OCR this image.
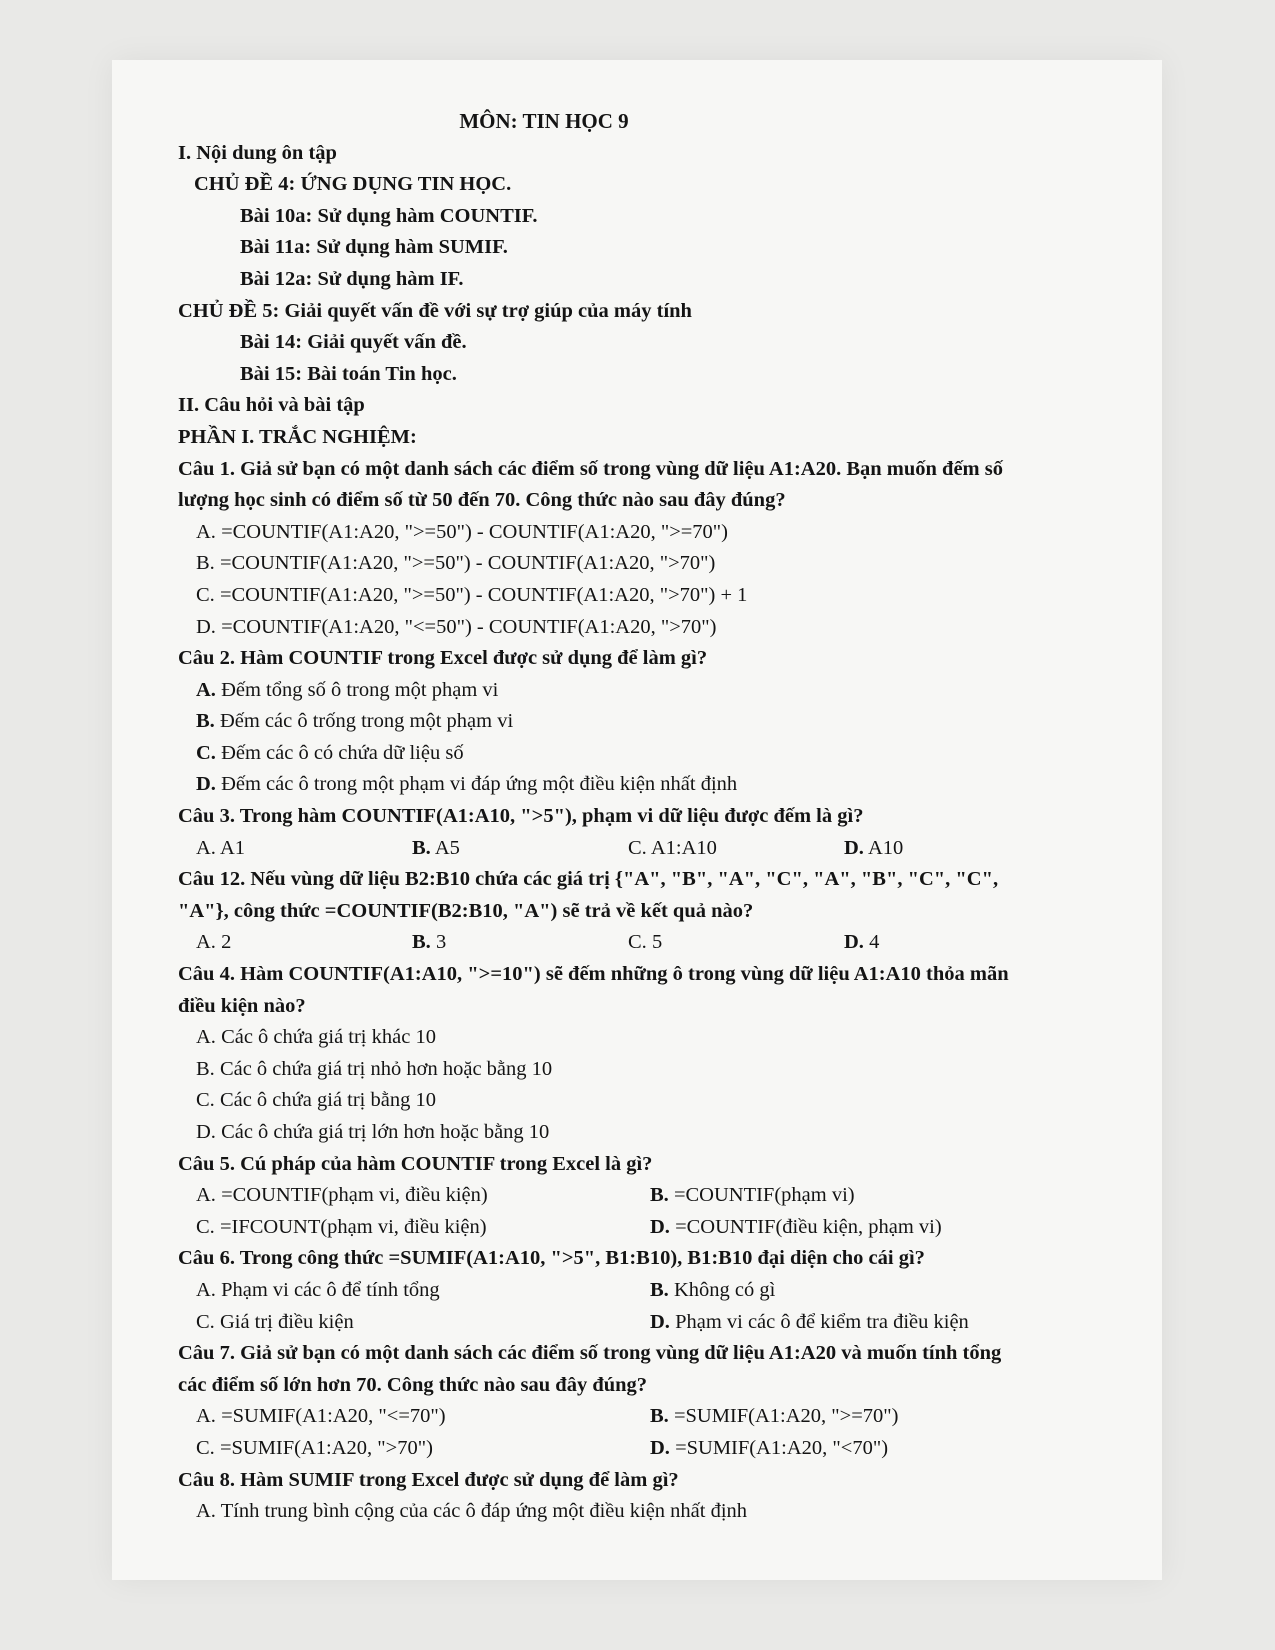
MÔN: TIN HỌC 9
I. Nội dung ôn tập
CHỦ ĐỀ 4: ỨNG DỤNG TIN HỌC.
Bài 10a: Sử dụng hàm COUNTIF.
Bài 11a: Sử dụng hàm SUMIF.
Bài 12a: Sử dụng hàm IF.
CHỦ ĐỀ 5: Giải quyết vấn đề với sự trợ giúp của máy tính
Bài 14: Giải quyết vấn đề.
Bài 15: Bài toán Tin học.
II. Câu hỏi và bài tập
PHẦN I. TRẮC NGHIỆM:
Câu 1. Giả sử bạn có một danh sách các điểm số trong vùng dữ liệu A1:A20. Bạn muốn đếm số
lượng học sinh có điểm số từ 50 đến 70. Công thức nào sau đây đúng?
A. =COUNTIF(A1:A20, ">=50") - COUNTIF(A1:A20, ">=70")
B. =COUNTIF(A1:A20, ">=50") - COUNTIF(A1:A20, ">70")
C. =COUNTIF(A1:A20, ">=50") - COUNTIF(A1:A20, ">70") + 1
D. =COUNTIF(A1:A20, "<=50") - COUNTIF(A1:A20, ">70")
Câu 2. Hàm COUNTIF trong Excel được sử dụng để làm gì?
A. Đếm tổng số ô trong một phạm vi
B. Đếm các ô trống trong một phạm vi
C. Đếm các ô có chứa dữ liệu số
D. Đếm các ô trong một phạm vi đáp ứng một điều kiện nhất định
Câu 3. Trong hàm COUNTIF(A1:A10, ">5"), phạm vi dữ liệu được đếm là gì?
A. A1	B. A5	C. A1:A10	D. A10
Câu 12. Nếu vùng dữ liệu B2:B10 chứa các giá trị {"A", "B", "A", "C", "A", "B", "C", "C",
"A"}, công thức =COUNTIF(B2:B10, "A") sẽ trả về kết quả nào?
A. 2	B. 3	C. 5	D. 4
Câu 4. Hàm COUNTIF(A1:A10, ">=10") sẽ đếm những ô trong vùng dữ liệu A1:A10 thỏa mãn
điều kiện nào?
A. Các ô chứa giá trị khác 10
B. Các ô chứa giá trị nhỏ hơn hoặc bằng 10
C. Các ô chứa giá trị bằng 10
D. Các ô chứa giá trị lớn hơn hoặc bằng 10
Câu 5. Cú pháp của hàm COUNTIF trong Excel là gì?
A. =COUNTIF(phạm vi, điều kiện)	B. =COUNTIF(phạm vi)
C. =IFCOUNT(phạm vi, điều kiện)	D. =COUNTIF(điều kiện, phạm vi)
Câu 6. Trong công thức =SUMIF(A1:A10, ">5", B1:B10), B1:B10 đại diện cho cái gì?
A. Phạm vi các ô để tính tổng	B. Không có gì
C. Giá trị điều kiện	D. Phạm vi các ô để kiểm tra điều kiện
Câu 7. Giả sử bạn có một danh sách các điểm số trong vùng dữ liệu A1:A20 và muốn tính tổng
các điểm số lớn hơn 70. Công thức nào sau đây đúng?
A. =SUMIF(A1:A20, "<=70")	B. =SUMIF(A1:A20, ">=70")
C. =SUMIF(A1:A20, ">70")	D. =SUMIF(A1:A20, "<70")
Câu 8. Hàm SUMIF trong Excel được sử dụng để làm gì?
A. Tính trung bình cộng của các ô đáp ứng một điều kiện nhất định
